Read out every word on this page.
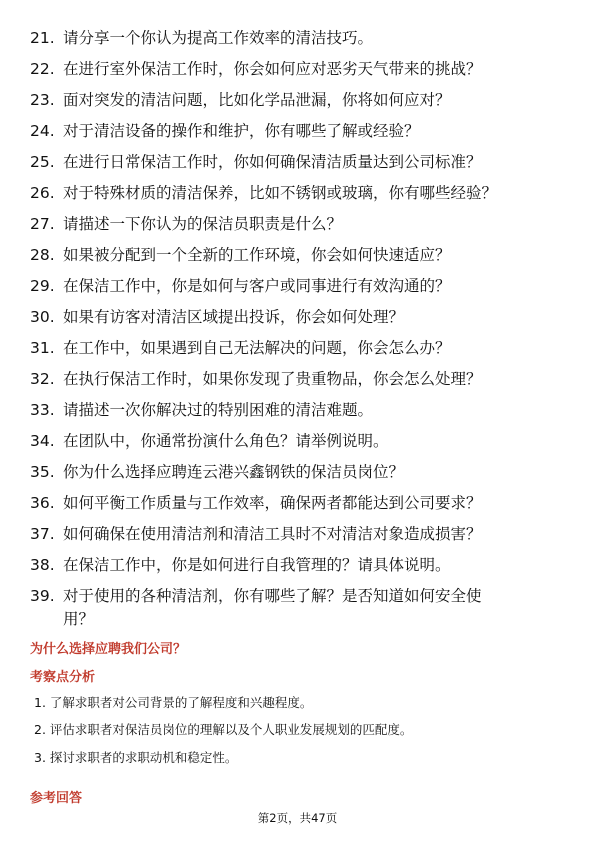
21. 请分享一个你认为提高工作效率的清洁技巧。
22. 在进行室外保洁工作时，你会如何应对恶劣天气带来的挑战？
23. 面对突发的清洁问题，比如化学品泄漏，你将如何应对？
24. 对于清洁设备的操作和维护，你有哪些了解或经验？
25. 在进行日常保洁工作时，你如何确保清洁质量达到公司标准？
26. 对于特殊材质的清洁保养，比如不锈钢或玻璃，你有哪些经验？
27. 请描述一下你认为的保洁员职责是什么？
28. 如果被分配到一个全新的工作环境，你会如何快速适应？
29. 在保洁工作中，你是如何与客户或同事进行有效沟通的？
30. 如果有访客对清洁区域提出投诉，你会如何处理？
31. 在工作中，如果遇到自己无法解决的问题，你会怎么办？
32. 在执行保洁工作时，如果你发现了贵重物品，你会怎么处理？
33. 请描述一次你解决过的特别困难的清洁难题。
34. 在团队中，你通常扮演什么角色？请举例说明。
35. 你为什么选择应聘连云港兴鑫钢铁的保洁员岗位？
36. 如何平衡工作质量与工作效率，确保两者都能达到公司要求？
37. 如何确保在使用清洁剂和清洁工具时不对清洁对象造成损害？
38. 在保洁工作中，你是如何进行自我管理的？请具体说明。
39. 对于使用的各种清洁剂，你有哪些了解？是否知道如何安全使
用？
为什么选择应聘我们公司？
考察点分析
1. 了解求职者对公司背景的了解程度和兴趣程度。
2. 评估求职者对保洁员岗位的理解以及个人职业发展规划的匹配度。
3. 探讨求职者的求职动机和稳定性。
参考回答
第2页，共47页
